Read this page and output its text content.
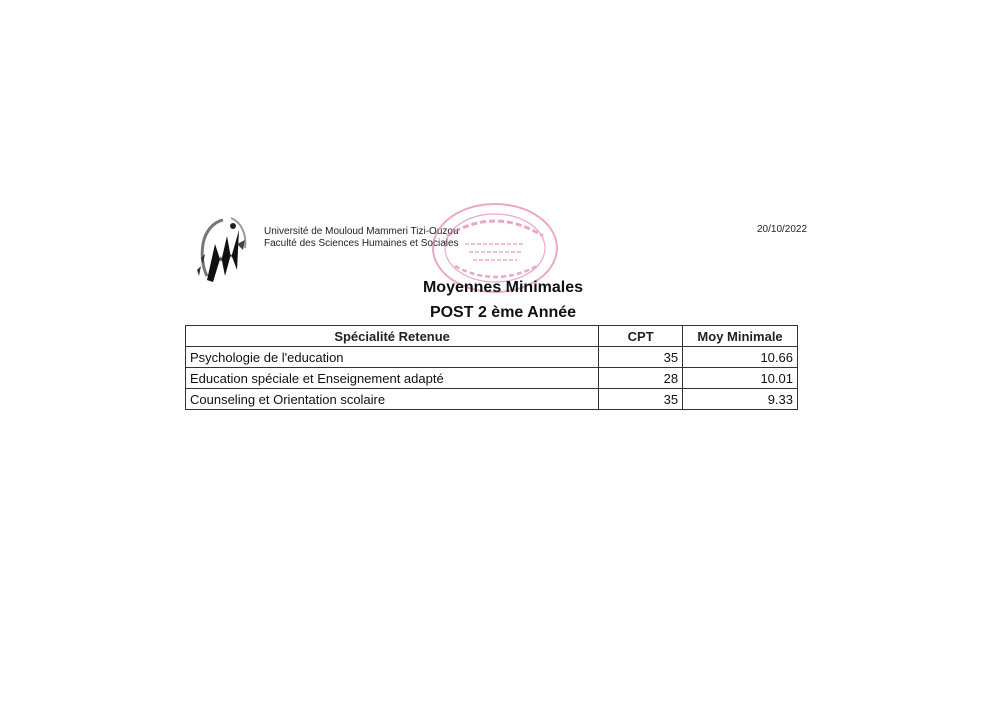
Université de Mouloud Mammeri Tizi-Ouzou
Faculté des Sciences Humaines et Sociales
20/10/2022
Moyennes Minimales
POST 2 ème Année
Spécialité Retenue	CPT	Moy Minimale
Psychologie de l'education	35	10.66
Education spéciale et Enseignement adapté	28	10.01
Counseling et Orientation scolaire	35	9.33
